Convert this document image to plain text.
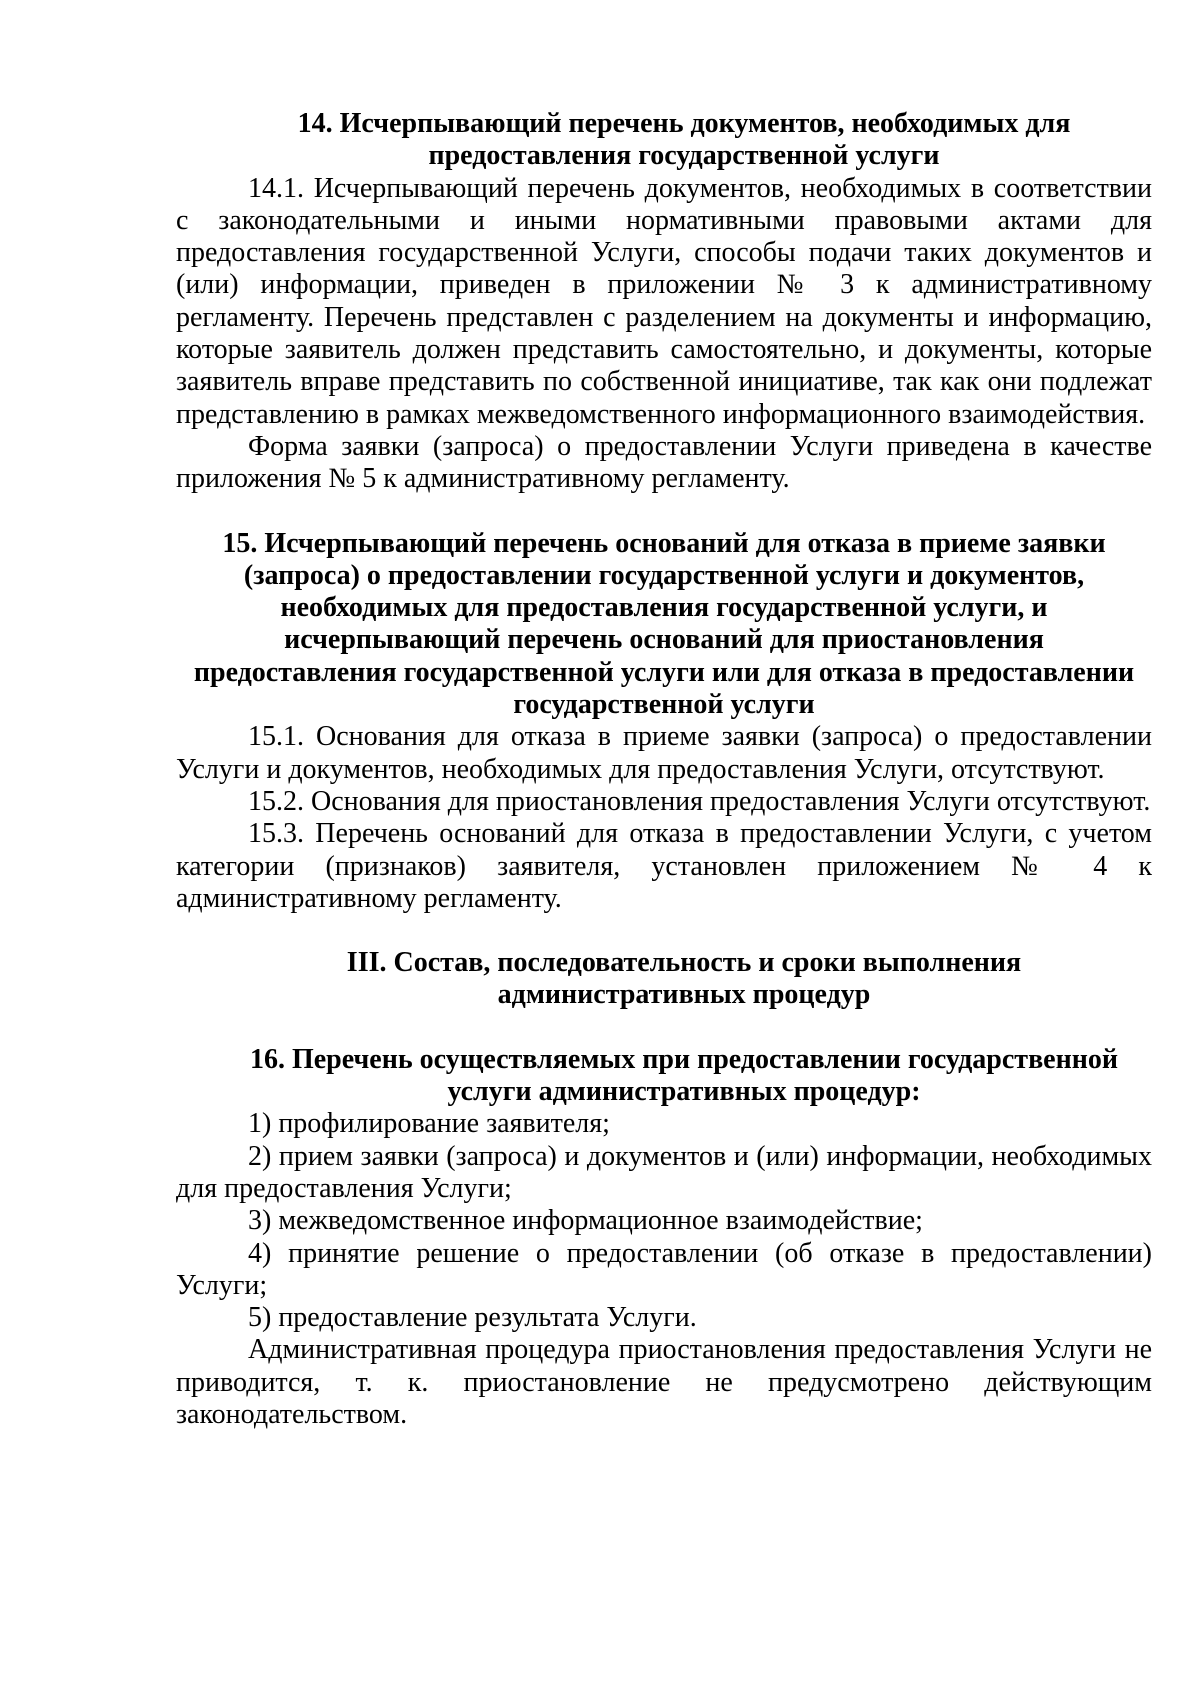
14. Исчерпывающий перечень документов, необходимых для
предоставления государственной услуги

14.1. Исчерпывающий перечень документов, необходимых в соответствии с законодательными и иными нормативными правовыми актами для предоставления государственной Услуги, способы подачи таких документов и (или) информации, приведен в приложении № 3 к административному регламенту. Перечень представлен с разделением на документы и информацию, которые заявитель должен представить самостоятельно, и документы, которые заявитель вправе представить по собственной инициативе, так как они подлежат представлению в рамках межведомственного информационного взаимодействия.

Форма заявки (запроса) о предоставлении Услуги приведена в качестве приложения № 5 к административному регламенту.

15. Исчерпывающий перечень оснований для отказа в приеме заявки
(запроса) о предоставлении государственной услуги и документов,
необходимых для предоставления государственной услуги, и
исчерпывающий перечень оснований для приостановления
предоставления государственной услуги или для отказа в предоставлении
государственной услуги

15.1. Основания для отказа в приеме заявки (запроса) о предоставлении Услуги и документов, необходимых для предоставления Услуги, отсутствуют.

15.2. Основания для приостановления предоставления Услуги отсутствуют.

15.3. Перечень оснований для отказа в предоставлении Услуги, с учетом категории (признаков) заявителя, установлен приложением № 4 к административному регламенту.

III. Состав, последовательность и сроки выполнения
административных процедур
16. Перечень осуществляемых при предоставлении государственной
услуги административных процедур:

1) профилирование заявителя;

2) прием заявки (запроса) и документов и (или) информации, необходимых для предоставления Услуги;

3) межведомственное информационное взаимодействие;

4) принятие решение о предоставлении (об отказе в предоставлении) Услуги;

5) предоставление результата Услуги.

Административная процедура приостановления предоставления Услуги не приводится, т. к. приостановление не предусмотрено действующим законодательством.
